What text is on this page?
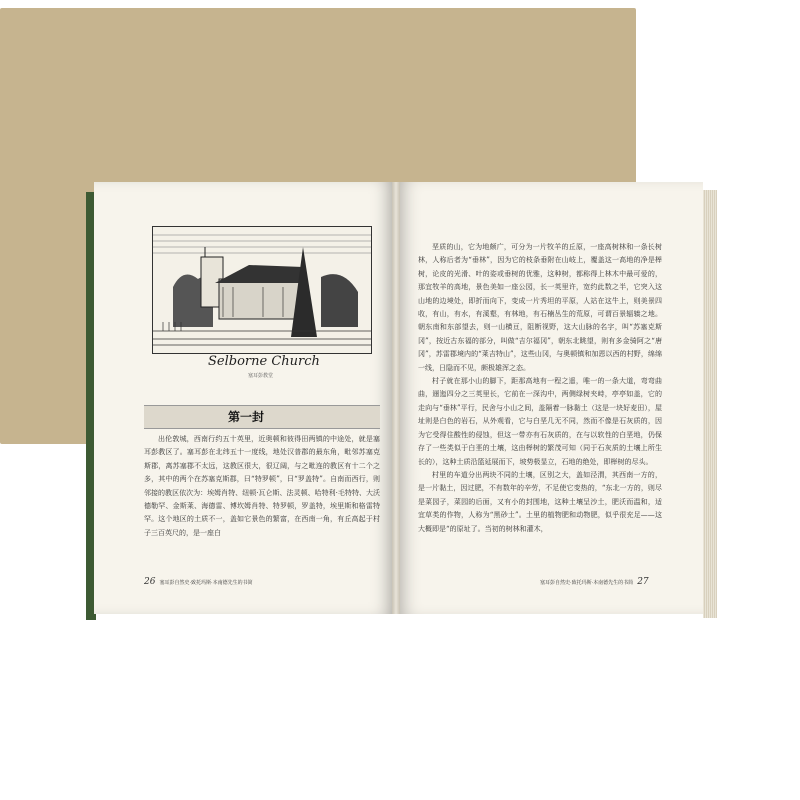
Selborne Church
塞耳彭教堂
第一封

出伦敦城，西南行约五十英里，近奥顿和彼得田两镇的中途处，就是塞耳彭教区了。塞耳彭在北纬五十一度线，地处汉普郡的最东角，毗邻苏塞克斯郡，离苏塞郡不太远，这教区很大，很辽阔，与之毗连的教区有十二个之多，其中的两个在苏塞克斯郡，曰“特罗顿”，曰“罗盖特”。自南而西行，则邻接的教区依次为：埃姆肖特、纽顿·瓦仑斯、法灵顿、哈特利·毛特特、大沃德勒罕、金斯莱、海德雷、博坎姆肖特、特罗顿，罗盖特，埃里斯和格雷特罕。这个地区的土质不一，盖如它景色的繁富，在西南一角，有丘高起于村子三百英尺的，是一座白

垩质的山，它为地颇广，可分为一片牧羊的丘原，一座高树林和一条长树林，人称后者为“垂林”，因为它的枝条垂附在山岐上，覆盖这一高地的净是榉树，论皮的光滑、叶的姿或垂树的优雅，这种树，都称得上林木中最可爱的，那宜牧羊的高地，景色美如一座公园，长一英里许，宽约此数之半，它突入这山地的边境处，即折而向下，变成一片秀坦的平原，人站在这牛上，则美景四收，有山，有水，有溪壑，有林地，有石楠丛生的荒原，可谓百景辐辏之地。朝东南和东部望去，则一山横亘，阻断视野，这大山脉的名字，叫“苏塞克斯冈”，按近古东福的部分，叫做“吉尔福冈”，朝东北眺望，则有多金骑阿之“唐冈”，苏雷郡境内的“莱吉特山”，这些山冈，与奥顿镇和加恩以西的村野，绵绵一线，日隐而不见，颇极雄浑之态。

村子就在那小山的脚下，距那高地有一程之遥，唯一的一条大道，弯弯曲曲，逦迤四分之三英里长，它前在一深沟中，两侧绿树夹峙，亭亭如盖，它的走向与“垂林”平行，民舍与小山之间，盖隔着一脉黏土（这是一块好麦田），屋址则是白色的岩石，从外观看，它与白垩几无不同，然而不像是石灰质的，因为它受得住酸性的侵蚀，但这一带亦有石灰质的，在与以软性的白垩地，仍保存了一些类似于白垩的土壤，这由榉树的繁茂可知（同于石灰质的土壤上所生长的），这种土质沿篮延展而下，坡势极显立，石地的绝处，即榉树的尽头。

村里的车道分出两块不同的土壤，区别之大，盖如泾渭，其西南一方的，是一片黏土，因过肥，不有数年的辛劳，不足使它变热的，“东北一方的，则尽是菜园子，菜园的后面，又有小的封围地，这种土壤呈沙土，肥沃而温和，适宜草类的作物，人称为“黑砂土”。土里的植物肥和动物肥，似乎很充足——这大概即是“的原址了。当初的树林和灌木，

26 塞耳彭自然史·致托玛斯·本南德先生的书简	塞耳彭自然史·致托玛斯·本南德先生的书简 27
